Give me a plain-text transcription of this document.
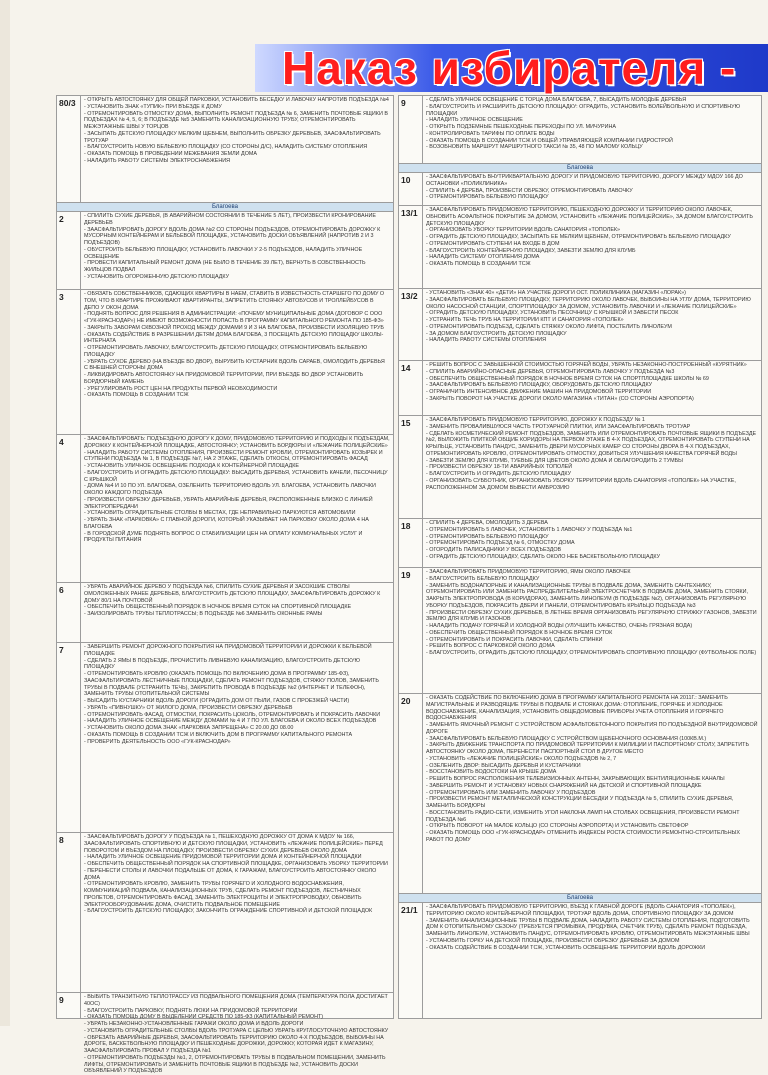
Наказ избирателя -
80/3	- ОТКРЫТЬ АВТОСТОЯНКУ ДЛЯ ОБЩЕЙ ПАРКОВКИ, УСТАНОВИТЬ БЕСЕДКУ И ЛАВОЧКУ НАПРОТИВ ПОДЪЕЗДА №4

- УСТАНОВИТЬ ЗНАК «ТУПИК» ПРИ ВЪЕЗДЕ К ДОМУ

- ОТРЕМОНТИРОВАТЬ ОТМОСТКУ ДОМА, ВЫПОЛНИТЬ РЕМОНТ ПОДЪЕЗДА № 6, ЗАМЕНИТЬ ПОЧТОВЫЕ ЯЩИКИ В ПОДЪЕЗДАХ № 4, 5, 6; В ПОДЪЕЗДЕ №5 ЗАМЕНИТЬ КАНАЛИЗАЦИОННУЮ ТРУБУ, ОТРЕМОНТИРОВАТЬ МЕЖЭТАЖНЫЕ ШВЫ У ТОРЦОВ

- ЗАСЫПАТЬ ДЕТСКУЮ ПЛОЩАДКУ МЕЛКИМ ЩЕБНЕМ, ВЫПОЛНИТЬ ОБРЕЗКУ ДЕРЕВЬЕВ, ЗААСФАЛЬТИРОВАТЬ ТРОТУАР

- БЛАГОУСТРОИТЬ НОВУЮ БЕЛЬЕВУЮ ПЛОЩАДКУ (СО СТОРОНЫ Д/С), НАЛАДИТЬ СИСТЕМУ ОТОПЛЕНИЯ

- ОКАЗАТЬ ПОМОЩЬ В ПРОВЕДЕНИИ МЕЖЕВАНИЯ ЗЕМЛИ ДОМА

- НАЛАДИТЬ РАБОТУ СИСТЕМЫ ЭЛЕКТРОСНАБЖЕНИЯ

Благоева
2	- СПИЛИТЬ СУХИЕ ДЕРЕВЬЯ, (В АВАРИЙНОМ СОСТОЯНИИ В ТЕЧЕНИЕ 5 ЛЕТ), ПРОИЗВЕСТИ КРОНИРОВАНИЕ ДЕРЕВЬЕВ

- ЗААСФАЛЬТИРОВАТЬ ДОРОГУ ВДОЛЬ ДОМА №2 СО СТОРОНЫ ПОДЪЕЗДОВ, ОТРЕМОНТИРОВАТЬ ДОРОЖКУ К МУСОРНЫМ КОНТЕЙНЕРАМ И БЕЛЬЕВОЙ ПЛОЩАДКЕ, УСТАНОВИТЬ ДОСКИ ОБЪЯВЛЕНИЙ (НАПРОТИВ 2 И 3 ПОДЪЕЗДОВ)

- ОБУСТРОИТЬ БЕЛЬЕВУЮ ПЛОЩАДКУ, УСТАНОВИТЬ ЛАВОЧКИ У 2-5 ПОДЪЕЗДОВ, НАЛАДИТЬ УЛИЧНОЕ ОСВЕЩЕНИЕ

- ПРОВЕСТИ КАПИТАЛЬНЫЙ РЕМОНТ ДОМА (НЕ БЫЛО В ТЕЧЕНИЕ 39 ЛЕТ), ВЕРНУТЬ В СОБСТВЕННОСТЬ ЖИЛЬЦОВ ПОДВАЛ

- УСТАНОВИТЬ ОГОРОЖЕННУЮ ДЕТСКУЮ ПЛОЩАДКУ

3	- ОБЯЗАТЬ СОБСТВЕННИКОВ, СДАЮЩИХ КВАРТИРЫ В НАЕМ, СТАВИТЬ В ИЗВЕСТНОСТЬ СТАРШЕГО ПО ДОМУ О ТОМ, ЧТО В КВАРТИРЕ ПРОЖИВАЮТ КВАРТИРАНТЫ, ЗАПРЕТИТЬ СТОЯНКУ АВТОБУСОВ И ТРОЛЛЕЙБУСОВ В ДЕПО У ОКОН ДОМА

- ПОДНЯТЬ ВОПРОС ДЛЯ РЕШЕНИЯ В АДМИНИСТРАЦИИ: «ПОЧЕМУ МУНИЦИПАЛЬНЫЕ ДОМА (ДОГОВОР С ООО «ГУК-КРАСНОДАР») НЕ ИМЕЮТ ВОЗМОЖНОСТИ ПОПАСТЬ В ПРОГРАММУ КАПИТАЛЬНОГО РЕМОНТА ПО 185-ФЗ»

- ЗАКРЫТЬ ЗАБОРАМ СКВОЗНОЙ ПРОХОД МЕЖДУ ДОМАМИ 9 И 3 НА БЛАГОЕВА, ПРОИЗВЕСТИ ИЗОЛЯЦИЮ ТРУБ

- ОКАЗАТЬ СОДЕЙСТВИЕ В РАЗРЕШЕНИИ ДЕТЯМ ДОМА БЛАГОЕВА, 3 ПОСЕЩАТЬ ДЕТСКУЮ ПЛОЩАДКУ ШКОЛЫ-ИНТЕРНАТА

- ОТРЕМОНТИРОВАТЬ ЛАВОЧКУ, БЛАГОУСТРОИТЬ ДЕТСКУЮ ПЛОЩАДКУ, ОТРЕМОНТИРОВАТЬ БЕЛЬЕВУЮ ПЛОЩАДКУ

- УБРАТЬ СУХОЕ ДЕРЕВО (НА ВЪЕЗДЕ ВО ДВОР), ВЫРУБИТЬ КУСТАРНИК ВДОЛЬ САРАЕВ, ОМОЛОДИТЬ ДЕРЕВЬЯ С ВНЕШНЕЙ СТОРОНЫ ДОМА

- ЛИКВИДИРОВАТЬ АВТОСТОЯНКУ НА ПРИДОМОВОЙ ТЕРРИТОРИИ, ПРИ ВЪЕЗДЕ ВО ДВОР УСТАНОВИТЬ БОРДЮРНЫЙ КАМЕНЬ

- УРЕГУЛИРОВАТЬ РОСТ ЦЕН НА ПРОДУКТЫ ПЕРВОЙ НЕОБХОДИМОСТИ

- ОКАЗАТЬ ПОМОЩЬ В СОЗДАНИИ ТСЖ

4	- ЗААСФАЛЬТИРОВАТЬ: ПОДЪЕЗДНУЮ ДОРОГУ К ДОМУ, ПРИДОМОВУЮ ТЕРРИТОРИЮ И ПОДХОДЫ К ПОДЪЕЗДАМ, ДОРОЖКУ К КОНТЕЙНЕРНОЙ ПЛОЩАДКЕ, АВТОСТОЯНКУ; УСТАНОВИТЬ БОРДЮРЫ И «ЛЕЖАЧИЕ ПОЛИЦЕЙСКИЕ»

- НАЛАДИТЬ РАБОТУ СИСТЕМЫ ОТОПЛЕНИЯ, ПРОИЗВЕСТИ РЕМОНТ КРОВЛИ, ОТРЕМОНТИРОВАТЬ КОЗЫРЕК И СТУПЕНИ ПОДЪЕЗДА № 1, В ПОДЪЕЗДЕ №7, НА 2 ЭТАЖЕ, СДЕЛАТЬ ОТКОСЫ, ОТРЕМОНТИРОВАТЬ ФАСАД

- УСТАНОВИТЬ УЛИЧНОЕ ОСВЕЩЕНИЕ ПОДХОДА К КОНТЕЙНЕРНОЙ ПЛОЩАДКЕ

- БЛАГОУСТРОИТЬ И ОГРАДИТЬ ДЕТСКУЮ ПЛОЩАДКУ: ВЫСАДИТЬ ДЕРЕВЬЯ, УСТАНОВИТЬ КАЧЕЛИ, ПЕСОЧНИЦУ С КРЫШКОЙ

- ДОМА №4 И 10 ПО УЛ. БЛАГОЕВА, ОЗЕЛЕНИТЬ ТЕРРИТОРИЮ ВДОЛЬ УЛ. БЛАГОЕВА, УСТАНОВИТЬ ЛАВОЧКИ ОКОЛО КАЖДОГО ПОДЪЕЗДА

- ПРОИЗВЕСТИ ОБРЕЗКУ ДЕРЕВЬЕВ, УБРАТЬ АВАРИЙНЫЕ ДЕРЕВЬЯ, РАСПОЛОЖЕННЫЕ БЛИЗКО С ЛИНИЕЙ ЭЛЕКТРОПЕРЕДАЧИ

- УСТАНОВИТЬ ОГРАДИТЕЛЬНЫЕ СТОЛБЫ В МЕСТАХ, ГДЕ НЕПРАВИЛЬНО ПАРКУЮТСЯ АВТОМОБИЛИ

- УБРАТЬ ЗНАК «ПАРКОВКА» С ГЛАВНОЙ ДОРОГИ, КОТОРЫЙ УКАЗЫВАЕТ НА ПАРКОВКУ ОКОЛО ДОМА 4 НА БЛАГОЕВА

- В ГОРОДСКОЙ ДУМЕ ПОДНЯТЬ ВОПРОС О СТАБИЛИЗАЦИИ ЦЕН НА ОПЛАТУ КОММУНАЛЬНЫХ УСЛУГ И ПРОДУКТЫ ПИТАНИЯ

6	- УБРАТЬ АВАРИЙНОЕ ДЕРЕВО У ПОДЪЕЗДА №6, СПИЛИТЬ СУХИЕ ДЕРЕВЬЯ И ЗАСОХШИЕ СТВОЛЫ ОМОЛОЖЕННЫХ РАНЕЕ ДЕРЕВЬЕВ, БЛАГОУСТРОИТЬ ДЕТСКУЮ ПЛОЩАДКУ, ЗААСФАЛЬТИРОВАТЬ ДОРОЖКУ К ДОМУ 80/1 НА ПОЧТОВОЙ

- ОБЕСПЕЧИТЬ ОБЩЕСТВЕННЫЙ ПОРЯДОК В НОЧНОЕ ВРЕМЯ СУТОК НА СПОРТИВНОЙ ПЛОЩАДКЕ

- ЗАИЗОЛИРОВАТЬ ТРУБЫ ТЕПЛОТРАССЫ; В ПОДЪЕЗДЕ №6 ЗАМЕНИТЬ ОКОННЫЕ РАМЫ

7	- ЗАВЕРШИТЬ РЕМОНТ ДОРОЖНОГО ПОКРЫТИЯ НА ПРИДОМОВОЙ ТЕРРИТОРИИ И ДОРОЖКИ К БЕЛЬЕВОЙ ПЛОЩАДКЕ

- СДЕЛАТЬ 2 ЯМЫ В ПОДЪЕЗДЕ, ПРОЧИСТИТЬ ЛИВНЕВУЮ КАНАЛИЗАЦИЮ, БЛАГОУСТРОИТЬ ДЕТСКУЮ ПЛОЩАДКУ

- ОТРЕМОНТИРОВАТЬ КРОВЛЮ (ОКАЗАТЬ ПОМОЩЬ ПО ВКЛЮЧЕНИЮ ДОМА В ПРОГРАММУ 185-ФЗ), ЗААСФАЛЬТИРОВАТЬ ЛЕСТНИЧНЫЕ ПЛОЩАДКИ, СДЕЛАТЬ РЕМОНТ ПОДЪЕЗДОВ, СТЯЖКУ ПОЛОВ, ЗАМЕНИТЬ ТРУБЫ В ПОДВАЛЕ (УСТРАНИТЬ ТЕЧЬ), ЗАКРЕПИТЬ ПРОВОДА В ПОДЪЕЗДЕ №2 (ИНТЕРНЕТ И ТЕЛЕФОН), ЗАМЕНИТЬ ТРУБЫ ОТОПИТЕЛЬНОЙ СИСТЕМЫ

- ВЫСАДИТЬ КУСТАРНИКИ ВДОЛЬ ДОРОГИ (ОГРАДИТЬ ДОМ ОТ ПЫЛИ, ГАЗОВ С ПРОЕЗЖЕЙ ЧАСТИ)

- УБРАТЬ «ПИВНУШКУ» ОТ ЖИЛОГО ДОМА, ПРОИЗВЕСТИ ОБРЕЗКУ ДЕРЕВЬЕВ

- ОТРЕМОНТИРОВАТЬ ФАСАД, ОТМОСТКИ, ПОКРАСИТЬ ЦОКОЛЬ, ОТРЕМОНТИРОВАТЬ И ПОКРАСИТЬ ЛАВОЧКИ

- НАЛАДИТЬ УЛИЧНОЕ ОСВЕЩЕНИЕ МЕЖДУ ДОМАМИ № 4 И 7 ПО УЛ. БЛАГОЕВА И ОКОЛО ВСЕХ ПОДЪЕЗДОВ

- УСТАНОВИТЬ ОКОЛО ДОМА ЗНАК «ПАРКОВКА ЗАПРЕЩЕНА» С 20.00 ДО 08.00

- ОКАЗАТЬ ПОМОЩЬ В СОЗДАНИИ ТСЖ И ВКЛЮЧИТЬ ДОМ В ПРОГРАММУ КАПИТАЛЬНОГО РЕМОНТА

- ПРОВЕРИТЬ ДЕЯТЕЛЬНОСТЬ ООО «ГУК-КРАСНОДАР»

8	- ЗААСФАЛЬТИРОВАТЬ ДОРОГУ У ПОДЪЕЗДА № 1, ПЕШЕХОДНУЮ ДОРОЖКУ ОТ ДОМА К МДОУ № 166, ЗААСФАЛЬТИРОВАТЬ СПОРТИВНУЮ И ДЕТСКУЮ ПЛОЩАДКИ, УСТАНОВИТЬ «ЛЕЖАЧИЕ ПОЛИЦЕЙСКИЕ» ПЕРЕД ПОВОРОТОМ И ВЪЕЗДОМ НА ПЛОЩАДКУ, ПРОИЗВЕСТИ ОБРЕЗКУ СУХИХ ДЕРЕВЬЕВ ОКОЛО ДОМА

- НАЛАДИТЬ УЛИЧНОЕ ОСВЕЩЕНИЕ ПРИДОМОВОЙ ТЕРРИТОРИИ ДОМА И КОНТЕЙНЕРНОЙ ПЛОЩАДКИ

- ОБЕСПЕЧИТЬ ОБЩЕСТВЕННЫЙ ПОРЯДОК НА СПОРТИВНОЙ ПЛОЩАДКЕ, ОРГАНИЗОВАТЬ УБОРКУ ТЕРРИТОРИИ

- ПЕРЕНЕСТИ СТОЛЫ И ЛАВОЧКИ ПОДАЛЬШЕ ОТ ДОМА, К ГАРАЖАМ, БЛАГОУСТРОИТЬ АВТОСТОЯНКУ ОКОЛО ДОМА

- ОТРЕМОНТИРОВАТЬ КРОВЛЮ, ЗАМЕНИТЬ ТРУБЫ ГОРЯЧЕГО И ХОЛОДНОГО ВОДОСНАБЖЕНИЯ, КОММУНИКАЦИЙ ПОДВАЛА, КАНАЛИЗАЦИОННЫХ ТРУБ, СДЕЛАТЬ РЕМОНТ ПОДЪЕЗДОВ, ЛЕСТНИЧНЫХ ПРОЛЕТОВ, ОТРЕМОНТИРОВАТЬ ФАСАД, ЗАМЕНИТЬ ЭЛЕКТРОЩИТЫ И ЭЛЕКТРОПРОВОДКУ, ОБНОВИТЬ ЭЛЕКТРООБОРУДОВАНИЕ ДОМА, ОЧИСТИТЬ ПОДВАЛЬНОЕ ПОМЕЩЕНИЕ

- БЛАГОУСТРОИТЬ ДЕТСКУЮ ПЛОЩАДКУ, ЗАКОНЧИТЬ ОГРАЖДЕНИЕ СПОРТИВНОЙ И ДЕТСКОЙ ПЛОЩАДОК

9	- ВЫБИТЬ ТРАНЗИТНУЮ ТЕПЛОТРАССУ ИЗ ПОДВАЛЬНОГО ПОМЕЩЕНИЯ ДОМА (ТЕМПЕРАТУРА ПОЛА ДОСТИГАЕТ 40ОС)

- БЛАГОУСТРОИТЬ ПАРКОВКУ, ПОДНЯТЬ ЛЮКИ НА ПРИДОМОВОЙ ТЕРРИТОРИИ

- ОКАЗАТЬ ПОМОЩЬ ДОМУ В ВЫДЕЛЕНИИ СРЕДСТВ ПО 185-ФЗ (КАПИТАЛЬНЫЙ РЕМОНТ)

- УБРАТЬ НЕЗАКОННО-УСТАНОВЛЕННЫЕ ГАРАЖИ ОКОЛО ДОМА И ВДОЛЬ ДОРОГИ

- УСТАНОВИТЬ ОГРАДИТЕЛЬНЫЕ СТОЛБЫ ВДОЛЬ ТРОТУАРА С ЦЕЛЬЮ УБРАТЬ КРУГЛОСУТОЧНУЮ АВТОСТОЯНКУ

- ОБРЕЗАТЬ АВАРИЙНЫЕ ДЕРЕВЬЯ, ЗААСФАЛЬТИРОВАТЬ ТЕРРИТОРИЮ ОКОЛО 4-Х ПОДЪЕЗДОВ, ВЫБОИНЫ НА ДОРОГЕ, БАСКЕТБОЛЬНУЮ ПЛОЩАДКУ И ПЕШЕХОДНЫЕ ДОРОЖКИ, ДОРОЖКУ, КОТОРАЯ ИДЕТ К МАГАЗИНУ, ЗААСФАЛЬТИРОВАТЬ ПРОВАЛ У ПОДЪЕЗДА №1

- ОТРЕМОНТИРОВАТЬ ПОДЪЕЗДЫ №1, 2, ОТРЕМОНТИРОВАТЬ ТРУБЫ В ПОДВАЛЬНОМ ПОМЕЩЕНИИ, ЗАМЕНИТЬ ЛИФТЫ, ОТРЕМОНТИРОВАТЬ И ЗАМЕНИТЬ ПОЧТОВЫЕ ЯЩИКИ В ПОДЪЕЗДЕ №2, УСТАНОВИТЬ ДОСКИ ОБЪЯВЛЕНИЙ У ПОДЪЕЗДОВ

9	- СДЕЛАТЬ УЛИЧНОЕ ОСВЕЩЕНИЕ С ТОРЦА ДОМА БЛАГОЕВА, 7, ВЫСАДИТЬ МОЛОДЫЕ ДЕРЕВЬЯ

- БЛАГОУСТРОИТЬ И РАСШИРИТЬ ДЕТСКУЮ ПЛОЩАДКУ: ОГРАДИТЬ, УСТАНОВИТЬ ВОЛЕЙБОЛЬНУЮ И СПОРТИВНУЮ ПЛОЩАДКИ

- НАЛАДИТЬ УЛИЧНОЕ ОСВЕЩЕНИЕ

- ОТКРЫТЬ ПОДЗЕМНЫЕ ПЕШЕХОДНЫЕ ПЕРЕХОДЫ ПО УЛ. МИЧУРИНА

- КОНТРОЛИРОВАТЬ ТАРИФЫ ПО ОПЛАТЕ ВОДЫ

- ОКАЗАТЬ ПОМОЩЬ В СОЗДАНИИ ТСЖ И ОБЩЕЙ УПРАВЛЯЮЩЕЙ КОМПАНИИ ГИДРОСТРОЙ

- ВОЗОБНОВИТЬ МАРШРУТ МАРШРУТНОГО ТАКСИ № 35, 48 ПО МАЛОМУ КОЛЬЦУ

Благоева
10	- ЗААСФАЛЬТИРОВАТЬ ВНУТРИКВАРТАЛЬНУЮ ДОРОГУ И ПРИДОМОВУЮ ТЕРРИТОРИЮ, ДОРОГУ МЕЖДУ МДОУ 166 ДО ОСТАНОВКИ «ПОЛИКЛИНИКА»

- СПИЛИТЬ 4 ДЕРЕВА, ПРОИЗВЕСТИ ОБРЕЗКУ, ОТРЕМОНТИРОВАТЬ ЛАВОЧКУ

- ОТРЕМОНТИРОВАТЬ БЕЛЬЕВУЮ ПЛОЩАДКУ

13/1	- ЗААСФАЛЬТИРОВАТЬ ПРИДОМОВУЮ ТЕРРИТОРИЮ, ПЕШЕХОДНУЮ ДОРОЖКУ И ТЕРРИТОРИЮ ОКОЛО ЛАВОЧЕК, ОБНОВИТЬ АСФАЛЬТНОЕ ПОКРЫТИЕ ЗА ДОМОМ, УСТАНОВИТЬ «ЛЕЖАЧИЕ ПОЛИЦЕЙСКИЕ», ЗА ДОМОМ БЛАГОУСТРОИТЬ ДЕТСКУЮ ПЛОЩАДКУ

- ОРГАНИЗОВАТЬ УБОРКУ ТЕРРИТОРИИ ВДОЛЬ САНАТОРИЯ «ТОПОЛЕК»

- ОГРАДИТЬ ДЕТСКУЮ ПЛОЩАДКУ, ЗАСЫПАТЬ ЕЕ МЕЛКИМ ЩЕБНЕМ, ОТРЕМОНТИРОВАТЬ БЕЛЬЕВУЮ ПЛОЩАДКУ

- ОТРЕМОНТИРОВАТЬ СТУПЕНИ НА ВХОДЕ В ДОМ

- БЛАГОУСТРОИТЬ КОНТЕЙНЕРНУЮ ПЛОЩАДКУ, ЗАВЕЗТИ ЗЕМЛЮ ДЛЯ КЛУМБ

- НАЛАДИТЬ СИСТЕМУ ОТОПЛЕНИЯ ДОМА

- ОКАЗАТЬ ПОМОЩЬ В СОЗДАНИИ ТСЖ

13/2	- УСТАНОВИТЬ «ЗНАК 40» «ДЕТИ» НА УЧАСТКЕ ДОРОГИ ОСТ. ПОЛИКЛИНИКА (МАГАЗИН «ЛОРАК»)

- ЗААСФАЛЬТИРОВАТЬ БЕЛЬЕВУЮ ПЛОЩАДКУ, ТЕРРИТОРИЮ ОКОЛО ЛАВОЧЕК, ВЫБОИНЫ НА УГЛУ ДОМА, ТЕРРИТОРИЮ ОКОЛО НАСОСНОЙ СТАНЦИИ, СПОРТПЛОЩАДКУ ЗА ДОМОМ, УСТАНОВИТЬ ЛАВОЧКИ И «ЛЕЖАЧИЕ ПОЛИЦЕЙСКИЕ»

- ОГРАДИТЬ ДЕТСКУЮ ПЛОЩАДКУ, УСТАНОВИТЬ ПЕСОЧНИЦУ С КРЫШКОЙ И ЗАВЕСТИ ПЕСОК

- УСТРАНИТЬ ТЕЧЬ ТРУБ НА ТЕРРИТОРИИ КПТ И САНАТОРИЯ «ТОПОЛЕК»

- ОТРЕМОНТИРОВАТЬ ПОДЪЕЗД, СДЕЛАТЬ СТЯЖКУ ОКОЛО ЛИФТА, ПОСТЕЛИТЬ ЛИНОЛЕУМ

- ЗА ДОМОМ БЛАГОУСТРОИТЬ ДЕТСКУЮ ПЛОЩАДКУ

- НАЛАДИТЬ РАБОТУ СИСТЕМЫ ОТОПЛЕНИЯ

14	- РЕШИТЬ ВОПРОС С ЗАВЫШЕННОЙ СТОИМОСТЬЮ ГОРЯЧЕЙ ВОДЫ, УБРАТЬ НЕЗАКОННО-ПОСТРОЕННЫЙ «КУРЯТНИК»

- СПИЛИТЬ АВАРИЙНО-ОПАСНЫЕ ДЕРЕВЬЯ, ОТРЕМОНТИРОВАТЬ ЛАВОЧКУ У ПОДЪЕЗДА №3

- ОБЕСПЕЧИТЬ ОБЩЕСТВЕННЫЙ ПОРЯДОК В НОЧНОЕ ВРЕМЯ СУТОК НА СПОРТПЛОЩАДКЕ ШКОЛЫ № 69

- ЗААСФАЛЬТИРОВАТЬ БЕЛЬЕВУЮ ПЛОЩАДКУ, ОБОРУДОВАТЬ ДЕТСКУЮ ПЛОЩАДКУ

- ОГРАНИЧИТЬ ИНТЕНСИВНОЕ ДВИЖЕНИЕ МАШИН НА ПРИДОМОВОЙ ТЕРРИТОРИИ

- ЗАКРЫТЬ ПОВОРОТ НА УЧАСТКЕ ДОРОГИ ОКОЛО МАГАЗИНА «ТИТАН» (СО СТОРОНЫ АЭРОПОРТА)

15	- ЗААСФАЛЬТИРОВАТЬ ПРИДОМОВУЮ ТЕРРИТОРИЮ, ДОРОЖКУ К ПОДЪЕЗДУ № 1

- ЗАМЕНИТЬ ПРОВАЛИВШУЮСЯ ЧАСТЬ ТРОТУАРНОЙ ПЛИТКИ, ИЛИ ЗААСФАЛЬТИРОВАТЬ ТРОТУАР

- СДЕЛАТЬ КОСМЕТИЧЕСКИЙ РЕМОНТ ПОДЪЕЗДОВ, ЗАМЕНИТЬ ИЛИ ОТРЕМОНТИРОВАТЬ ПОЧТОВЫЕ ЯЩИКИ В ПОДЪЕЗДЕ №2, ВЫЛОЖИТЬ ПЛИТКОЙ ОБЩИЕ КОРИДОРЫ НА ПЕРВОМ ЭТАЖЕ В 4-Х ПОДЪЕЗДАХ, ОТРЕМОНТИРОВАТЬ СТУПЕНИ НА КРЫЛЬЦЕ, УСТАНОВИТЬ ПАНДУС, ЗАМЕНИТЬ ДВЕРИ МУСОРНЫХ КАМЕР СО СТОРОНЫ ДВОРА В 4-Х ПОДЪЕЗДАХ, ОТРЕМОНТИРОВАТЬ КРОВЛЮ, ОТРЕМОНТИРОВАТЬ ОТМОСТКУ, ДОБИТЬСЯ УЛУЧШЕНИЯ КАЧЕСТВА ГОРЯЧЕЙ ВОДЫ

- ЗАВЕЗТИ ЗЕМЛЮ ДЛЯ КЛУМБ, ТУЕВЫЕ ДЛЯ ЦВЕТОВ ОКОЛО ДОМА И ОБЛАГОРОДИТЬ 2 ТУМБЫ

- ПРОИЗВЕСТИ ОБРЕЗКУ 18-ТИ АВАРИЙНЫХ ТОПОЛЕЙ

- БЛАГОУСТРОИТЬ И ОГРАДИТЬ ДЕТСКУЮ ПЛОЩАДКУ

- ОРГАНИЗОВАТЬ СУББОТНИК, ОРГАНИЗОВАТЬ УБОРКУ ТЕРРИТОРИИ ВДОЛЬ САНАТОРИЯ «ТОПОЛЕК» НА УЧАСТКЕ, РАСПОЛОЖЕННОМ ЗА ДОМОМ ВЫВЕСТИ АМБРОЗИЮ

18	- СПИЛИТЬ 4 ДЕРЕВА, ОМОЛОДИТЬ 3 ДЕРЕВА

- ОТРЕМОНТИРОВАТЬ 5 ЛАВОЧЕК, УСТАНОВИТЬ 1 ЛАВОЧКУ У ПОДЪЕЗДА №1

- ОТРЕМОНТИРОВАТЬ БЕЛЬЕВУЮ ПЛОЩАДКУ

- ОТРЕМОНТИРОВАТЬ ПОДЪЕЗД № 6, ОТМОСТКУ ДОМА

- ОГОРОДИТЬ ПАЛИСАДНИКИ У ВСЕХ ПОДЪЕЗДОВ

- ОГРАДИТЬ ДЕТСКУЮ ПЛОЩАДКУ, СДЕЛАТЬ ОКОЛО НЕЕ БАСКЕТБОЛЬНУЮ ПЛОЩАДКУ

19	- ЗААСФАЛЬТИРОВАТЬ ПРИДОМОВУЮ ТЕРРИТОРИЮ, ЯМЫ ОКОЛО ЛАВОЧЕК

- БЛАГОУСТРОИТЬ БЕЛЬЕВУЮ ПЛОЩАДКУ

- ЗАМЕНИТЬ ВОДОНАПОРНЫЕ И КАНАЛИЗАЦИОННЫЕ ТРУБЫ В ПОДВАЛЕ ДОМА, ЗАМЕНИТЬ САНТЕХНИКУ, ОТРЕМОНТИРОВАТЬ ИЛИ ЗАМЕНИТЬ РАСПРЕДЕЛИТЕЛЬНЫЙ ЭЛЕКТРОСЧЕТЧИК В ПОДВАЛЕ ДОМА, ЗАМЕНИТЬ СТОЯКИ, ЗАКРЫТЬ ЭЛЕКТРОПРОВОДА (В КОРИДОРАХ), ЗАМЕНИТЬ ЛИНОЛЕУМ (В ПОДЪЕЗДЕ №2), ОРГАНИЗОВАТЬ РЕГУЛЯРНУЮ УБОРКУ ПОДЪЕЗДОВ, ПОКРАСИТЬ ДВЕРИ И ПАНЕЛИ, ОТРЕМОНТИРОВАТЬ КРЫЛЬЦО ПОДЪЕЗДА №3

- ПРОИЗВЕСТИ ОБРЕЗКУ СУХИХ ДЕРЕВЬЕВ, В ЛЕТНЕЕ ВРЕМЯ ОРГАНИЗОВАТЬ РЕГУЛЯРНУЮ СТРИЖКУ ГАЗОНОВ, ЗАВЕЗТИ ЗЕМЛЮ ДЛЯ КЛУМБ И ГАЗОНОВ

- НАЛАДИТЬ ПОДАЧУ ГОРЯЧЕЙ И ХОЛОДНОЙ ВОДЫ (УЛУЧШИТЬ КАЧЕСТВО, ОЧЕНЬ ГРЯЗНАЯ ВОДА)

- ОБЕСПЕЧИТЬ ОБЩЕСТВЕННЫЙ ПОРЯДОК В НОЧНОЕ ВРЕМЯ СУТОК

- ОТРЕМОНТИРОВАТЬ И ПОКРАСИТЬ ЛАВОЧКИ, СДЕЛАТЬ СПИНКИ

- РЕШИТЬ ВОПРОС С ПАРКОВКОЙ ОКОЛО ДОМА

- БЛАГОУСТРОИТЬ, ОГРАДИТЬ ДЕТСКУЮ ПЛОЩАДКУ, ОТРЕМОНТИРОВАТЬ СПОРТИВНУЮ ПЛОЩАДКУ (ФУТБОЛЬНОЕ ПОЛЕ)

20	- ОКАЗАТЬ СОДЕЙСТВИЕ ПО ВКЛЮЧЕНИЮ ДОМА В ПРОГРАММУ КАПИТАЛЬНОГО РЕМОНТА НА 2011Г.: ЗАМЕНИТЬ МАГИСТРАЛЬНЫЕ И РАЗВОДЯЩИЕ ТРУБЫ В ПОДВАЛЕ И СТОЯКАХ ДОМА: ОТОПЛЕНИЕ, ГОРЯЧЕЕ И ХОЛОДНОЕ ВОДОСНАБЖЕНИЕ, КАНАЛИЗАЦИЯ, УСТАНОВИТЬ ОБЩЕДОМОВЫЕ ПРИБОРЫ УЧЕТА ОТОПЛЕНИЯ И ГОРЯЧЕГО ВОДОСНАБЖЕНИЯ

- ЗАМЕНИТЬ ЯМОЧНЫЙ РЕМОНТ С УСТРОЙСТВОМ АСФАЛЬТОБЕТОННОГО ПОКРЫТИЯ ПО ПОДЪЕЗДНОЙ ВНУТРИДОМОВОЙ ДОРОГЕ

- ЗААСФАЛЬТИРОВАТЬ БЕЛЬЕВУЮ ПЛОЩАДКУ С УСТРОЙСТВОМ ЩЕБЕНОЧНОГО ОСНОВАНИЯ (100КВ.М.)

- ЗАКРЫТЬ ДВИЖЕНИЕ ТРАНСПОРТА ПО ПРИДОМОВОЙ ТЕРРИТОРИИ К МИЛИЦИИ И ПАСПОРТНОМУ СТОЛУ, ЗАПРЕТИТЬ АВТОСТОЯНКУ ОКОЛО ДОМА, ПЕРЕНЕСТИ ПАСПОРТНЫЙ СТОЛ В ДРУГОЕ МЕСТО

- УСТАНОВИТЬ «ЛЕЖАЧИЕ ПОЛИЦЕЙСКИЕ» ОКОЛО ПОДЪЕЗДОВ № 2, 7

- ОЗЕЛЕНИТЬ ДВОР: ВЫСАДИТЬ ДЕРЕВЬЯ И КУСТАРНИКИ

- ВОССТАНОВИТЬ ВОДОСТОКИ НА КРЫШЕ ДОМА

- РЕШИТЬ ВОПРОС РАСПОЛОЖЕНИЯ ТЕЛЕВИЗИОННЫХ АНТЕНН, ЗАКРЫВАЮЩИХ ВЕНТИЛЯЦИОННЫЕ КАНАЛЫ

- ЗАВЕРШИТЬ РЕМОНТ И УСТАНОВКУ НОВЫХ СНАРЯЖЕНИЙ НА ДЕТСКОЙ И СПОРТИВНОЙ ПЛОЩАДКЕ

- ОТРЕМОНТИРОВАТЬ ИЛИ ЗАМЕНИТЬ ЛАВОЧКУ У ПОДЪЕЗДОВ

- ПРОИЗВЕСТИ РЕМОНТ МЕТАЛЛИЧЕСКОЙ КОНСТРУКЦИИ БЕСЕДКИ У ПОДЪЕЗДА № 5, СПИЛИТЬ СУХИЕ ДЕРЕВЬЯ, ЗАМЕНИТЬ БОРДЮРЫ

- ВОССТАНОВИТЬ РАДИО-СЕТИ, ИЗМЕНИТЬ УГОЛ НАКЛОНА ЛАМП НА СТОЛБАХ ОСВЕЩЕНИЯ, ПРОИЗВЕСТИ РЕМОНТ ПОДЪЕЗДА №6

- ОТКРЫТЬ ПОВОРОТ НА МАЛОЕ КОЛЬЦО (СО СТОРОНЫ АЭРОПОРТА) И УСТАНОВИТЬ СВЕТОФОР

- ОКАЗАТЬ ПОМОЩЬ ООО «ГУК-КРАСНОДАР» ОТМЕНИТЬ ИНДЕКСЫ РОСТА СТОИМОСТИ РЕМОНТНО-СТРОИТЕЛЬНЫХ РАБОТ ПО ДОМУ

Благоева
21/1	- ЗААСФАЛЬТИРОВАТЬ ПРИДОМОВУЮ ТЕРРИТОРИЮ, ВЪЕЗД К ГЛАВНОЙ ДОРОГЕ (ВДОЛЬ САНАТОРИЯ «ТОПОЛЕК»), ТЕРРИТОРИЮ ОКОЛО КОНТЕЙНЕРНОЙ ПЛОЩАДКИ, ТРОТУАР ВДОЛЬ ДОМА, СПОРТИВНУЮ ПЛОЩАДКУ ЗА ДОМОМ

- ЗАМЕНИТЬ КАНАЛИЗАЦИОННЫЕ ТРУБЫ В ПОДВАЛЕ ДОМА, НАЛАДИТЬ РАБОТУ СИСТЕМЫ ОТОПЛЕНИЯ, ПОДГОТОВИТЬ ДОМ К ОТОПИТЕЛЬНОМУ СЕЗОНУ (ТРЕБУЕТСЯ ПРОМЫВКА, ПРОДУВКА, СЧЕТЧИК ТРУБ), СДЕЛАТЬ РЕМОНТ ПОДЪЕЗДА, ЗАМЕНИТЬ ЛИНОЛЕУМ, УСТАНОВИТЬ ПАНДУС, ОТРЕМОНТИРОВАТЬ КРОВЛЮ, ОТРЕМОНТИРОВАТЬ МЕЖЭТАЖНЫЕ ШВЫ

- УСТАНОВИТЬ ГОРКУ НА ДЕТСКОЙ ПЛОЩАДКЕ, ПРОИЗВЕСТИ ОБРЕЗКУ ДЕРЕВЬЕВ ЗА ДОМОМ

- ОКАЗАТЬ СОДЕЙСТВИЕ В СОЗДАНИИ ТСЖ, УСТАНОВИТЬ ОСВЕЩЕНИЕ ТЕРРИТОРИИ ВДОЛЬ ДОРОЖКИ
